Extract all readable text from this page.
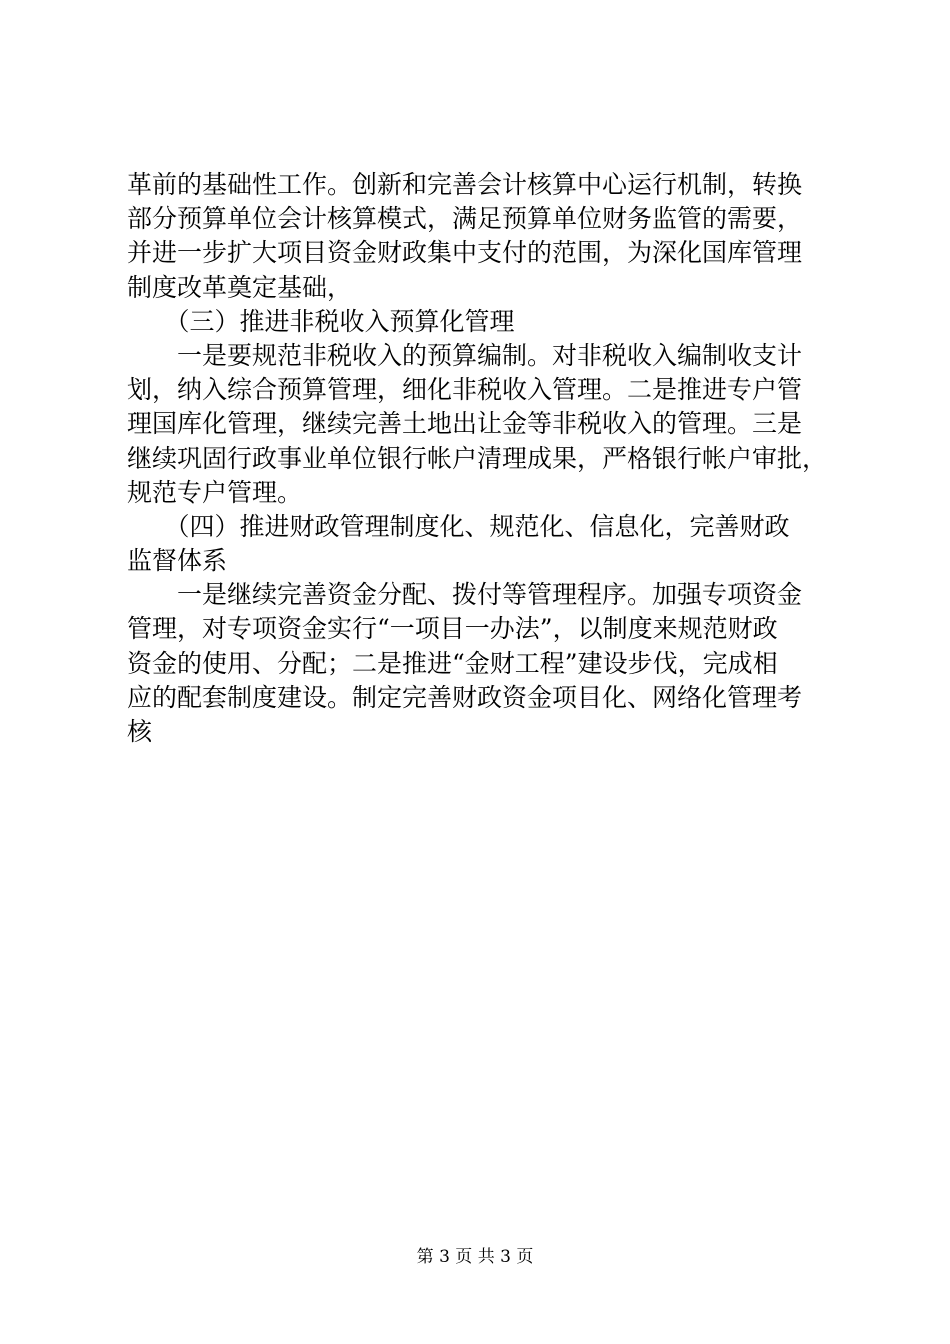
革前的基础性工作。创新和完善会计核算中心运行机制，转换
部分预算单位会计核算模式，满足预算单位财务监管的需要，
并进一步扩大项目资金财政集中支付的范围，为深化国库管理
制度改革奠定基础，
　　（三）推进非税收入预算化管理
　　一是要规范非税收入的预算编制。对非税收入编制收支计
划，纳入综合预算管理，细化非税收入管理。二是推进专户管
理国库化管理，继续完善土地出让金等非税收入的管理。三是
继续巩固行政事业单位银行帐户清理成果，严格银行帐户审批，
规范专户管理。
　　（四）推进财政管理制度化、规范化、信息化，完善财政
监督体系
　　一是继续完善资金分配、拨付等管理程序。加强专项资金
管理，对专项资金实行“一项目一办法”，以制度来规范财政
资金的使用、分配；二是推进“金财工程”建设步伐，完成相
应的配套制度建设。制定完善财政资金项目化、网络化管理考
核
第 3 页 共 3 页
